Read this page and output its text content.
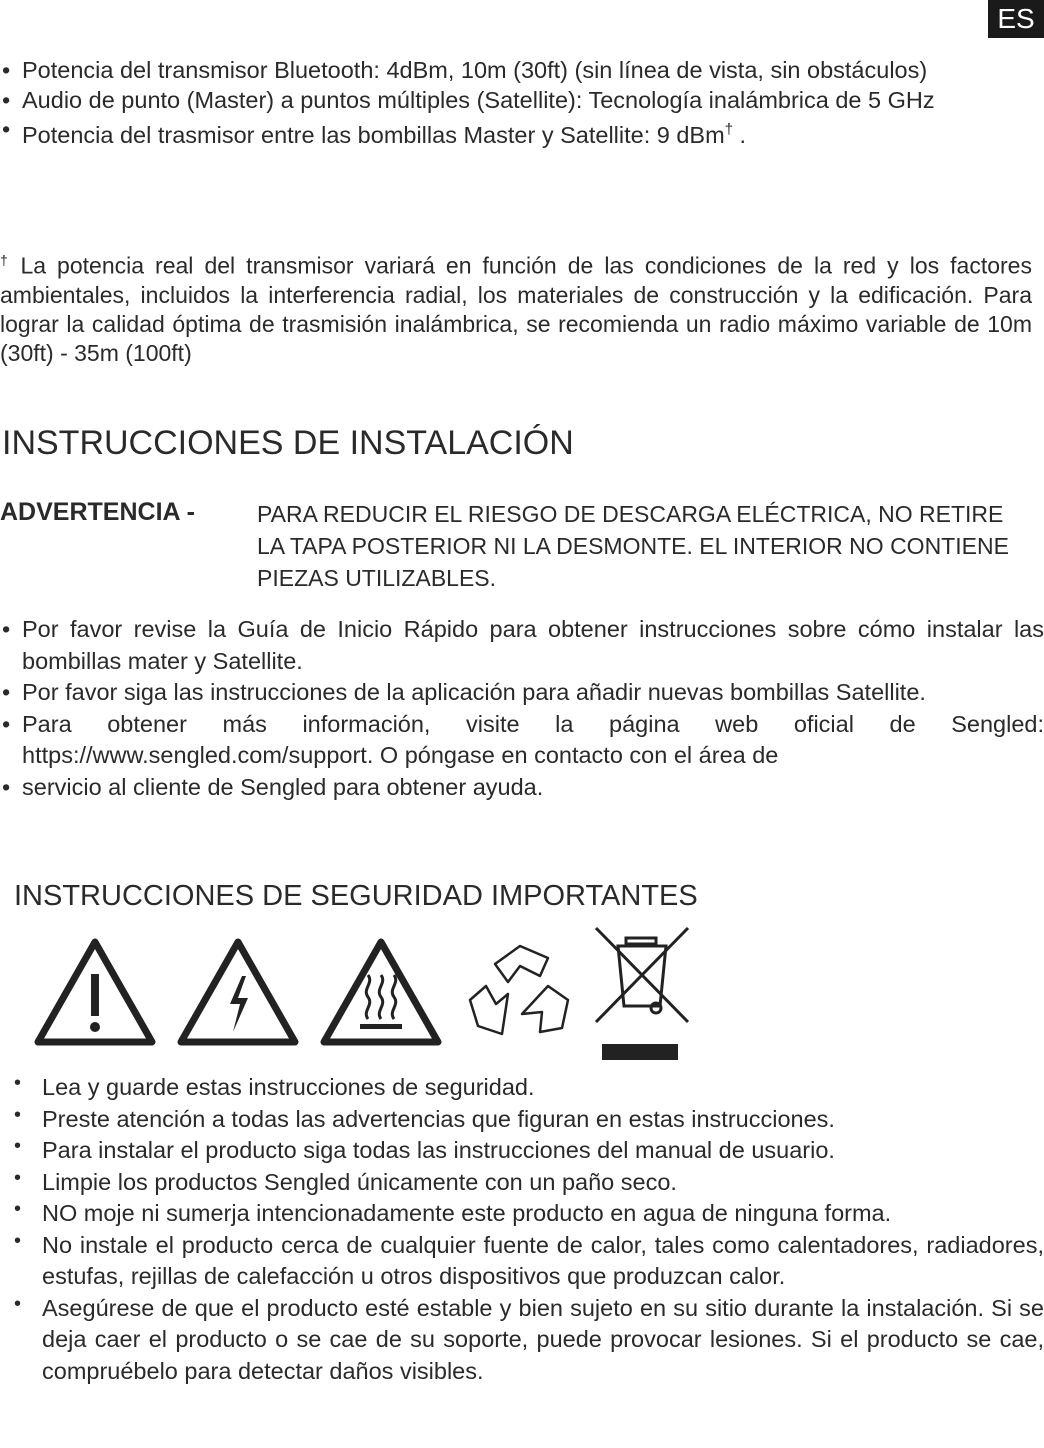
ES
• Potencia del transmisor Bluetooth: 4dBm, 10m (30ft) (sin línea de vista, sin obstáculos)
• Audio de punto (Master) a puntos múltiples (Satellite): Tecnología inalámbrica de 5 GHz
• Potencia del trasmisor entre las bombillas Master y Satellite: 9 dBm† .

† La potencia real del transmisor variará en función de las condiciones de la red y los factores ambientales, incluidos la interferencia radial, los materiales de construcción y la edificación. Para lograr la calidad óptima de trasmisión inalámbrica, se recomienda un radio máximo variable de 10m (30ft) - 35m (100ft)

INSTRUCCIONES DE INSTALACIÓN
ADVERTENCIA -	PARA REDUCIR EL RIESGO DE DESCARGA ELÉCTRICA, NO RETIRE LA TAPA POSTERIOR NI LA DESMONTE. EL INTERIOR NO CONTIENE PIEZAS UTILIZABLES.

• Por favor revise la Guía de Inicio Rápido para obtener instrucciones sobre cómo instalar las bombillas mater y Satellite.
• Por favor siga las instrucciones de la aplicación para añadir nuevas bombillas Satellite.
• Para obtener más información, visite la página web oficial de Sengled: https://www.sengled.com/support. O póngase en contacto con el área de
• servicio al cliente de Sengled para obtener ayuda.
INSTRUCCIONES DE SEGURIDAD IMPORTANTES
• Lea y guarde estas instrucciones de seguridad.
• Preste atención a todas las advertencias que figuran en estas instrucciones.
• Para instalar el producto siga todas las instrucciones del manual de usuario.
• Limpie los productos Sengled únicamente con un paño seco.
• NO moje ni sumerja intencionadamente este producto en agua de ninguna forma.
• No instale el producto cerca de cualquier fuente de calor, tales como calentadores, radiadores, estufas, rejillas de calefacción u otros dispositivos que produzcan calor.
• Asegúrese de que el producto esté estable y bien sujeto en su sitio durante la instalación. Si se deja caer el producto o se cae de su soporte, puede provocar lesiones. Si el producto se cae, compruébelo para detectar daños visibles.
